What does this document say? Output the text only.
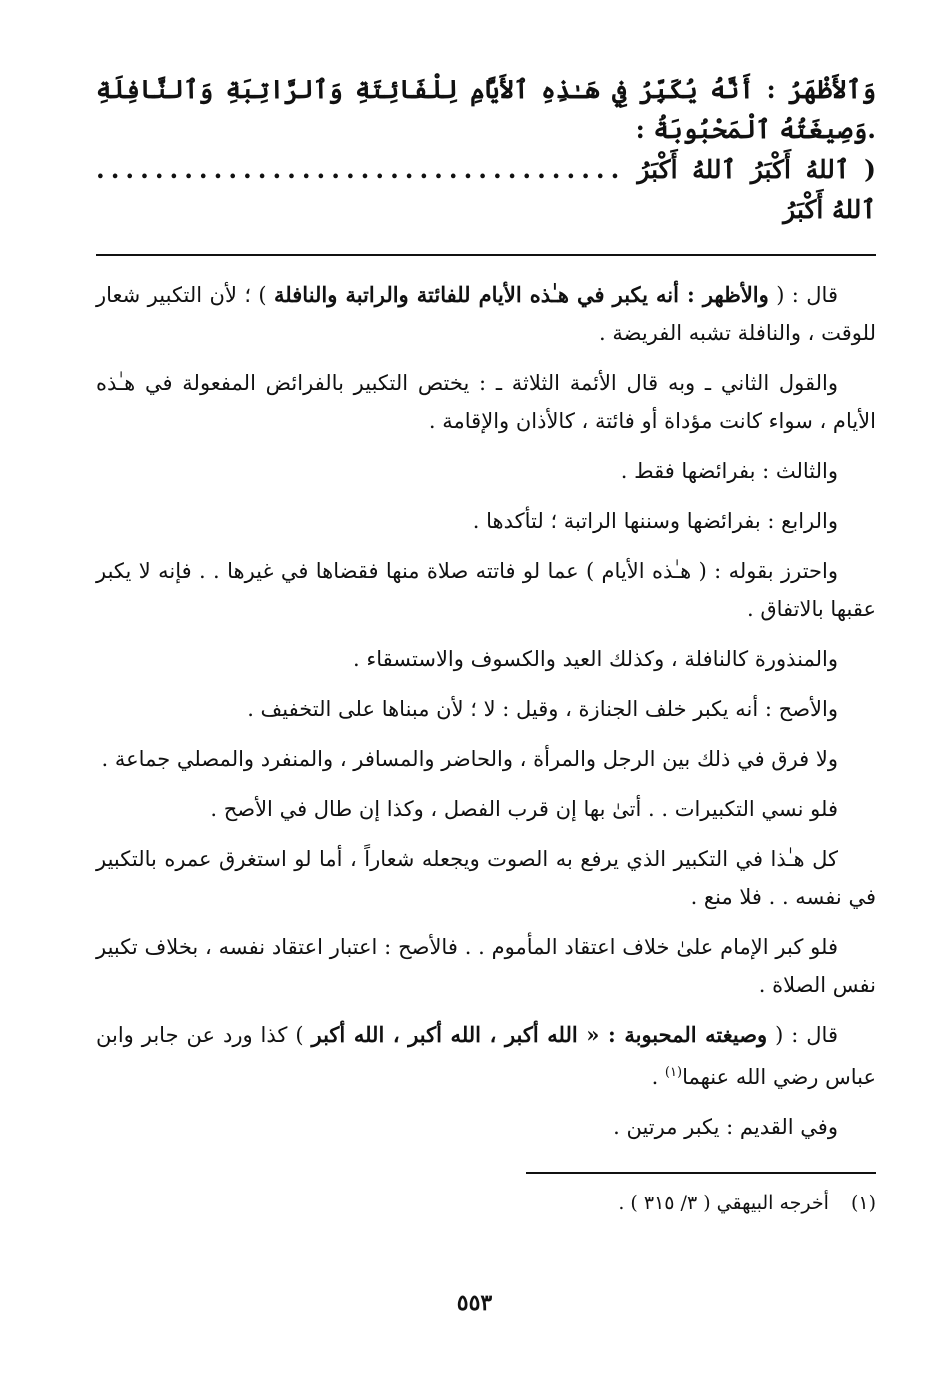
وَٱلأَظْهَرُ : أَنَّهُ يُكَبِّرُ فِي هَـٰذِهِ ٱلأَيَّامِ لِلْفَائِتَةِ وَٱلرَّاتِبَةِ وَٱلنَّافِلَةِ .وَصِيغَتُهُ ٱلْمَحْبُوبَةُ :

( ٱللهُ أَكْبَرُ ٱللهُ أَكْبَرُ ٱللهُ أَكْبَرُ
....................................

قال : ( والأظهر : أنه يكبر في هـٰذه الأيام للفائتة والراتبة والنافلة ) ؛ لأن التكبير شعار للوقت ، والنافلة تشبه الفريضة .

والقول الثاني ـ وبه قال الأئمة الثلاثة ـ : يختص التكبير بالفرائض المفعولة في هـٰذه الأيام ، سواء كانت مؤداة أو فائتة ، كالأذان والإقامة .

والثالث : بفرائضها فقط .

والرابع : بفرائضها وسننها الراتبة ؛ لتأكدها .

واحترز بقوله : ( هـٰذه الأيام ) عما لو فاتته صلاة منها فقضاها في غيرها . . فإنه لا يكبر عقبها بالاتفاق .

والمنذورة كالنافلة ، وكذلك العيد والكسوف والاستسقاء .

والأصح : أنه يكبر خلف الجنازة ، وقيل : لا ؛ لأن مبناها على التخفيف .

ولا فرق في ذلك بين الرجل والمرأة ، والحاضر والمسافر ، والمنفرد والمصلي جماعة .

فلو نسي التكبيرات . . أتىٰ بها إن قرب الفصل ، وكذا إن طال في الأصح .

كل هـٰذا في التكبير الذي يرفع به الصوت ويجعله شعاراً ، أما لو استغرق عمره بالتكبير في نفسه . . فلا منع .

فلو كبر الإمام علىٰ خلاف اعتقاد المأموم . . فالأصح : اعتبار اعتقاد نفسه ، بخلاف تكبير نفس الصلاة .

قال : ( وصيغته المحبوبة : « الله أكبر ، الله أكبر ، الله أكبر ) كذا ورد عن جابر وابن عباس رضي الله عنهما$^{(١)}$ .

وفي القديم : يكبر مرتين .

(١) أخرجه البيهقي ( ٣/ ٣١٥ ) .

٥٥٣
